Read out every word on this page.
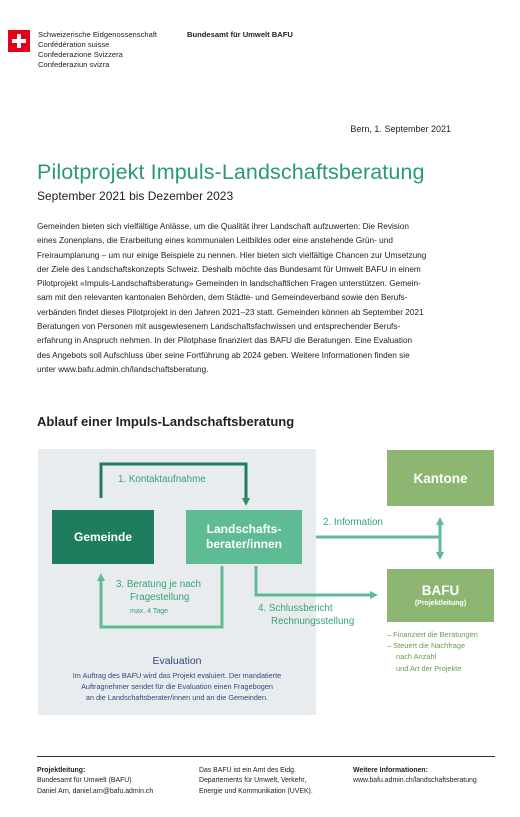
Schweizerische Eidgenossenschaft
Confédération suisse
Confederazione Svizzera
Confederaziun svizra
Bundesamt für Umwelt BAFU
Bern, 1. September 2021
Pilotprojekt Impuls-Landschaftsberatung
September 2021 bis Dezember 2023
Gemeinden bieten sich vielfältige Anlässe, um die Qualität ihrer Landschaft aufzuwerten: Die Revision
eines Zonenplans, die Erarbeitung eines kommunalen Leitbildes oder eine anstehende Grün- und
Freiraumplanung – um nur einige Beispiele zu nennen. Hier bieten sich vielfältige Chancen zur Umsetzung
der Ziele des Landschaftskonzepts Schweiz. Deshalb möchte das Bundesamt für Umwelt BAFU in einem
Pilotprojekt «Impuls-Landschaftsberatung» Gemeinden in landschaftlichen Fragen unterstützen. Gemein-
sam mit den relevanten kantonalen Behörden, dem Städte- und Gemeindeverband sowie den Berufs-
verbänden findet dieses Pilotprojekt in den Jahren 2021–23 statt. Gemeinden können ab September 2021
Beratungen von Personen mit ausgewiesenem Landschaftsfachwissen und entsprechender Berufs-
erfahrung in Anspruch nehmen. In der Pilotphase finanziert das BAFU die Beratungen. Eine Evaluation
des Angebots soll Aufschluss über seine Fortführung ab 2024 geben. Weitere Informationen finden sie
unter www.bafu.admin.ch/landschaftsberatung.
Ablauf einer Impuls-Landschaftsberatung
Gemeinde
Landschafts-
berater/innen
Kantone
BAFU
(Projektleitung)
1. Kontaktaufnahme
2. Information
3. Beratung je nach
Fragestellung
max. 4 Tage	4. Schlussbericht
Rechnungsstellung
Evaluation
Im Auftrag des BAFU wird das Projekt evaluiert. Der mandatierte
Auftragnehmer sendet für die Evaluation einen Fragebogen
an die Landschaftsberater/innen und an die Gemeinden.
– Finanziert die Beratungen
– Steuert die Nachfrage
nach Anzahl
und Art der Projekte
Projektleitung:
Bundesamt für Umwelt (BAFU)
Daniel Arn, daniel.arn@bafu.admin.ch
Das BAFU ist ein Amt des Eidg.
Departements für Umwelt, Verkehr,
Energie und Kommunikation (UVEK).
Weitere Informationen:
www.bafu.admin.ch/landschaftsberatung
